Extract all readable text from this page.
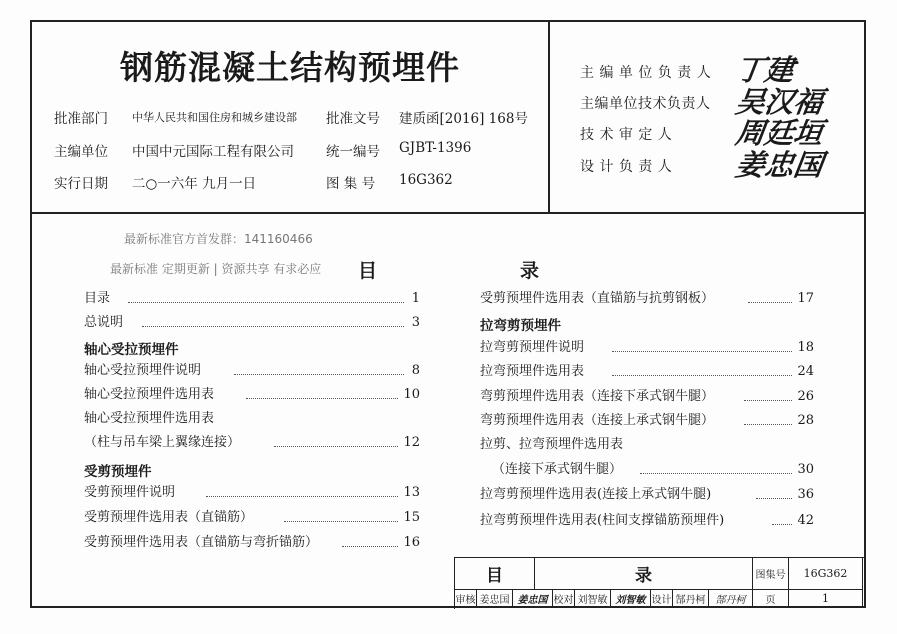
钢筋混凝土结构预埋件
批准部门 中华人民共和国住房和城乡建设部 批准文号 建质函[2016] 168号
主编单位 中国中元国际工程有限公司 统一编号 GJBT-1396
实行日期 二○一六年 九月一日	图 集 号 16G362
主 编 单 位 负 责 人 丁建
主编单位技术负责人 吴汉福
技 术 审 定 人 周廷垣
设 计 负 责 人 姜忠国
最新标准官方首发群：141160466
最新标准 定期更新 | 资源共享 有求必应 目	录
目录	1
总说明	3
轴心受拉预埋件
轴心受拉预埋件说明	8
轴心受拉预埋件选用表	10
轴心受拉预埋件选用表
（柱与吊车梁上翼缘连接）	12
受剪预埋件
受剪预埋件说明	13
受剪预埋件选用表（直锚筋）	15
受剪预埋件选用表（直锚筋与弯折锚筋）	16
受剪预埋件选用表（直锚筋与抗剪钢板）	17
拉弯剪预埋件
拉弯剪预埋件说明	18
拉弯预埋件选用表	24
弯剪预埋件选用表（连接下承式钢牛腿）	26
弯剪预埋件选用表（连接上承式钢牛腿）	28
拉剪、拉弯预埋件选用表
（连接下承式钢牛腿）	30
拉弯剪预埋件选用表(连接上承式钢牛腿)	36
拉弯剪预埋件选用表(柱间支撑锚筋预埋件)	42
目	录	图集号	16G362
审核 姜忠国 姜忠国 校对 刘智敏 刘智敏 设计 郜丹柯	郜丹柯	页	1
